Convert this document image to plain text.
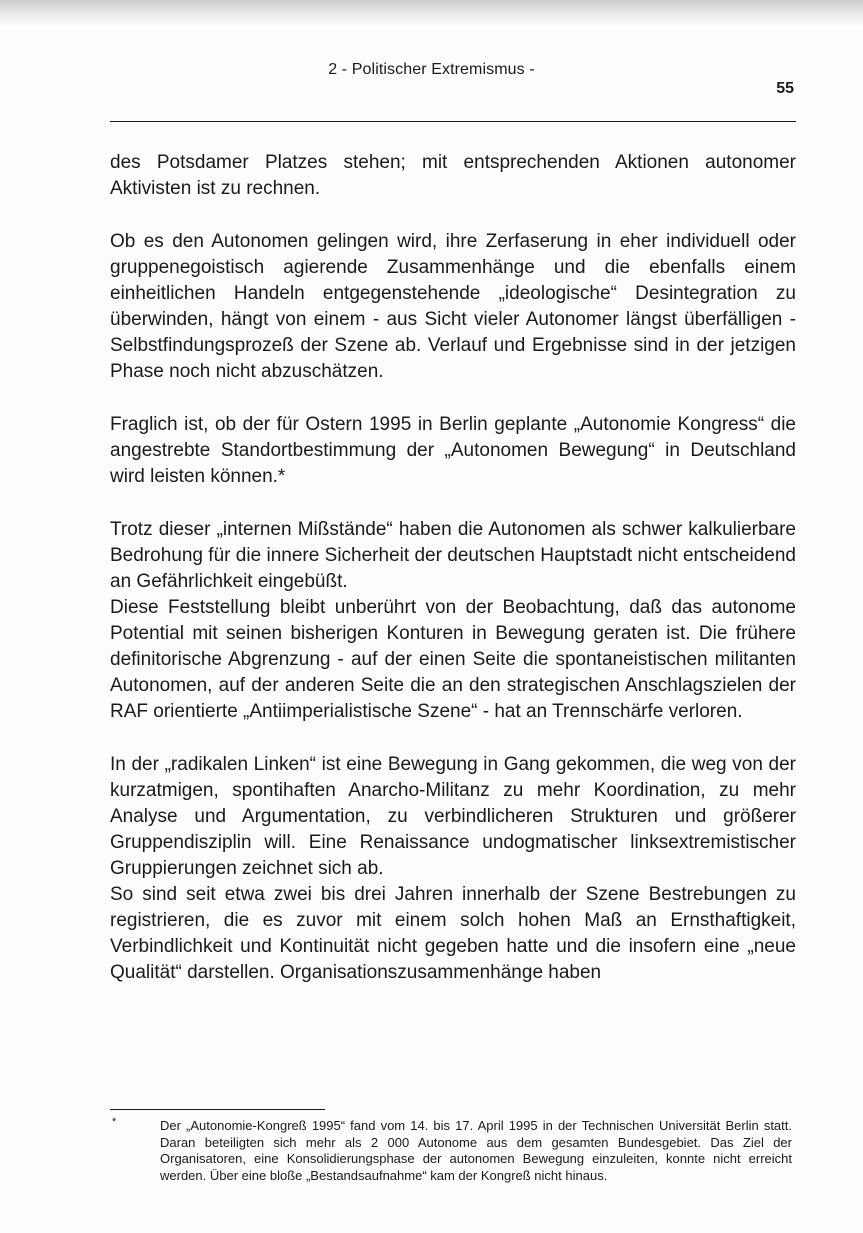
2 - Politischer Extremismus -
55

des Potsdamer Platzes stehen; mit entsprechenden Aktionen autonomer Aktivisten ist zu rechnen.

Ob es den Autonomen gelingen wird, ihre Zerfaserung in eher individuell oder gruppenegoistisch agierende Zusammenhänge und die ebenfalls einem einheitlichen Handeln entgegenstehende „ideologische“ Desintegration zu überwinden, hängt von einem - aus Sicht vieler Autonomer längst überfälligen - Selbstfindungsprozeß der Szene ab. Verlauf und Ergebnisse sind in der jetzigen Phase noch nicht abzuschätzen.

Fraglich ist, ob der für Ostern 1995 in Berlin geplante „Autonomie Kongress“ die angestrebte Standortbestimmung der „Autonomen Bewegung“ in Deutschland wird leisten können.*

Trotz dieser „internen Mißstände“ haben die Autonomen als schwer kalkulierbare Bedrohung für die innere Sicherheit der deutschen Hauptstadt nicht entscheidend an Gefährlichkeit eingebüßt.

Diese Feststellung bleibt unberührt von der Beobachtung, daß das autonome Potential mit seinen bisherigen Konturen in Bewegung geraten ist. Die frühere definitorische Abgrenzung - auf der einen Seite die spontaneistischen militanten Autonomen, auf der anderen Seite die an den strategischen Anschlagszielen der RAF orientierte „Antiimperialistische Szene“ - hat an Trennschärfe verloren.

In der „radikalen Linken“ ist eine Bewegung in Gang gekommen, die weg von der kurzatmigen, spontihaften Anarcho-Militanz zu mehr Koordination, zu mehr Analyse und Argumentation, zu verbindlicheren Strukturen und größerer Gruppendisziplin will. Eine Renaissance undogmatischer linksextremistischer Gruppierungen zeichnet sich ab.

So sind seit etwa zwei bis drei Jahren innerhalb der Szene Bestrebungen zu registrieren, die es zuvor mit einem solch hohen Maß an Ernsthaftigkeit, Verbindlichkeit und Kontinuität nicht gegeben hatte und die insofern eine „neue Qualität“ darstellen. Organisationszusammenhänge haben

*	Der „Autonomie-Kongreß 1995“ fand vom 14. bis 17. April 1995 in der Technischen Universität Berlin statt. Daran beteiligten sich mehr als 2 000 Autonome aus dem gesamten Bundesgebiet. Das Ziel der Organisatoren, eine Konsolidierungsphase der autonomen Bewegung einzuleiten, konnte nicht erreicht werden. Über eine bloße „Bestandsaufnahme“ kam der Kongreß nicht hinaus.
